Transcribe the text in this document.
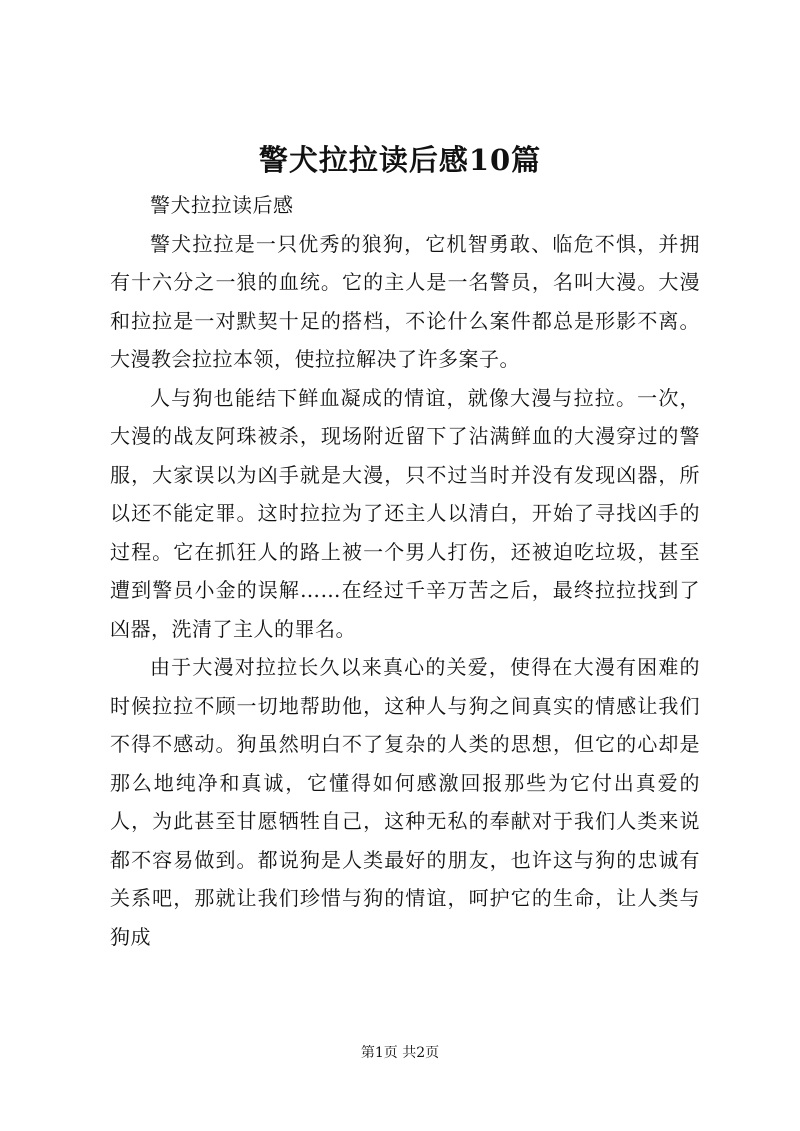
警犬拉拉读后感10篇

警犬拉拉读后感

警犬拉拉是一只优秀的狼狗，它机智勇敢、临危不惧，并拥有十六分之一狼的血统。它的主人是一名警员，名叫大漫。大漫和拉拉是一对默契十足的搭档，不论什么案件都总是形影不离。大漫教会拉拉本领，使拉拉解决了许多案子。

人与狗也能结下鲜血凝成的情谊，就像大漫与拉拉。一次，大漫的战友阿珠被杀，现场附近留下了沾满鲜血的大漫穿过的警服，大家误以为凶手就是大漫，只不过当时并没有发现凶器，所以还不能定罪。这时拉拉为了还主人以清白，开始了寻找凶手的过程。它在抓狂人的路上被一个男人打伤，还被迫吃垃圾，甚至遭到警员小金的误解……在经过千辛万苦之后，最终拉拉找到了凶器，洗清了主人的罪名。

由于大漫对拉拉长久以来真心的关爱，使得在大漫有困难的时候拉拉不顾一切地帮助他，这种人与狗之间真实的情感让我们不得不感动。狗虽然明白不了复杂的人类的思想，但它的心却是那么地纯净和真诚，它懂得如何感激回报那些为它付出真爱的人，为此甚至甘愿牺牲自己，这种无私的奉献对于我们人类来说都不容易做到。都说狗是人类最好的朋友，也许这与狗的忠诚有关系吧，那就让我们珍惜与狗的情谊，呵护它的生命，让人类与狗成

第1页 共2页
